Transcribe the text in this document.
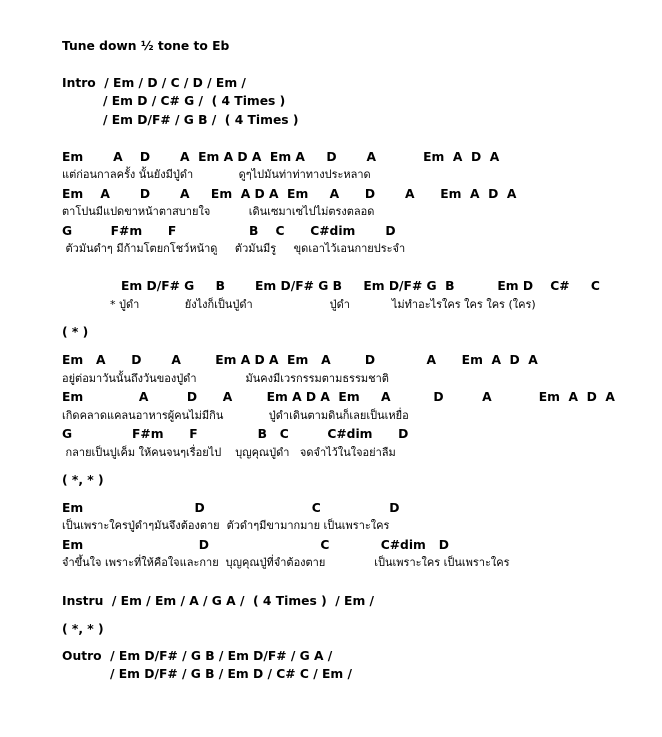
Tune down ½ tone to Eb
Intro  / Em / D / C / D / Em /
/ Em D / C# G /  ( 4 Times )
/ Em D/F# / G B /  ( 4 Times )
Em       A    D       A  Em A D A  Em A     D       A           Em  A  D  A
แต่ก่อนกาลครั้ง นั้นยังมีปู่ดำ             ดูๆไปมันท่าท่าทางประหลาด
Em    A       D       A     Em  A D A  Em     A      D       A      Em  A  D  A
ตาโปนมีแปดขาหน้าตาสบายใจ           เดินเซมาเซไปไม่ตรงตลอด
G         F#m      F                 B    C      C#dim       D
ตัวมันดำๆ มีก้ามโตยกโชว์หน้าดู     ตัวมันมีรู     ขุดเอาไว้เอนกายประจำ
Em D/F# G     B       Em D/F# G B     Em D/F# G  B          Em D    C#     C
* ปู่ดำ             ยังไงก็เป็นปู่ดำ                      ปู่ดำ            ไม่ทำอะไรใคร ใคร ใคร (ใคร)
( * )
Em   A      D       A        Em A D A  Em   A        D            A      Em  A  D  A
อยู่ต่อมาวันนั้นถึงวันของปู่ดำ              มันคงมีเวรกรรมตามธรรมชาติ
Em             A         D      A        Em A D A  Em     A          D         A           Em  A  D  A
เกิดคลาดแคลนอาหารผู้คนไม่มีกิน             ปู่ดำเดินตามดินก็เลยเป็นเหยื่อ
G              F#m      F              B   C         C#dim      D
กลายเป็นปูเค็ม ให้คนจนๆเรื่อยไป    บุญคุณปู่ดำ   จดจำไว้ในใจอย่าลืม
( *, * )
Em                          D                         C                D
เป็นเพราะใครปู่ดำๆมันจึงต้องตาย  ตัวดำๆมีขามากมาย เป็นเพราะใคร
Em                           D                          C            C#dim   D
จำขึ้นใจ เพราะที่ให้คือใจและกาย  บุญคุณปู่ที่จำต้องตาย              เป็นเพราะใคร เป็นเพราะใคร
Instru  / Em / Em / A / G A /  ( 4 Times )  / Em /
( *, * )
Outro  / Em D/F# / G B / Em D/F# / G A /
/ Em D/F# / G B / Em D / C# C / Em /
